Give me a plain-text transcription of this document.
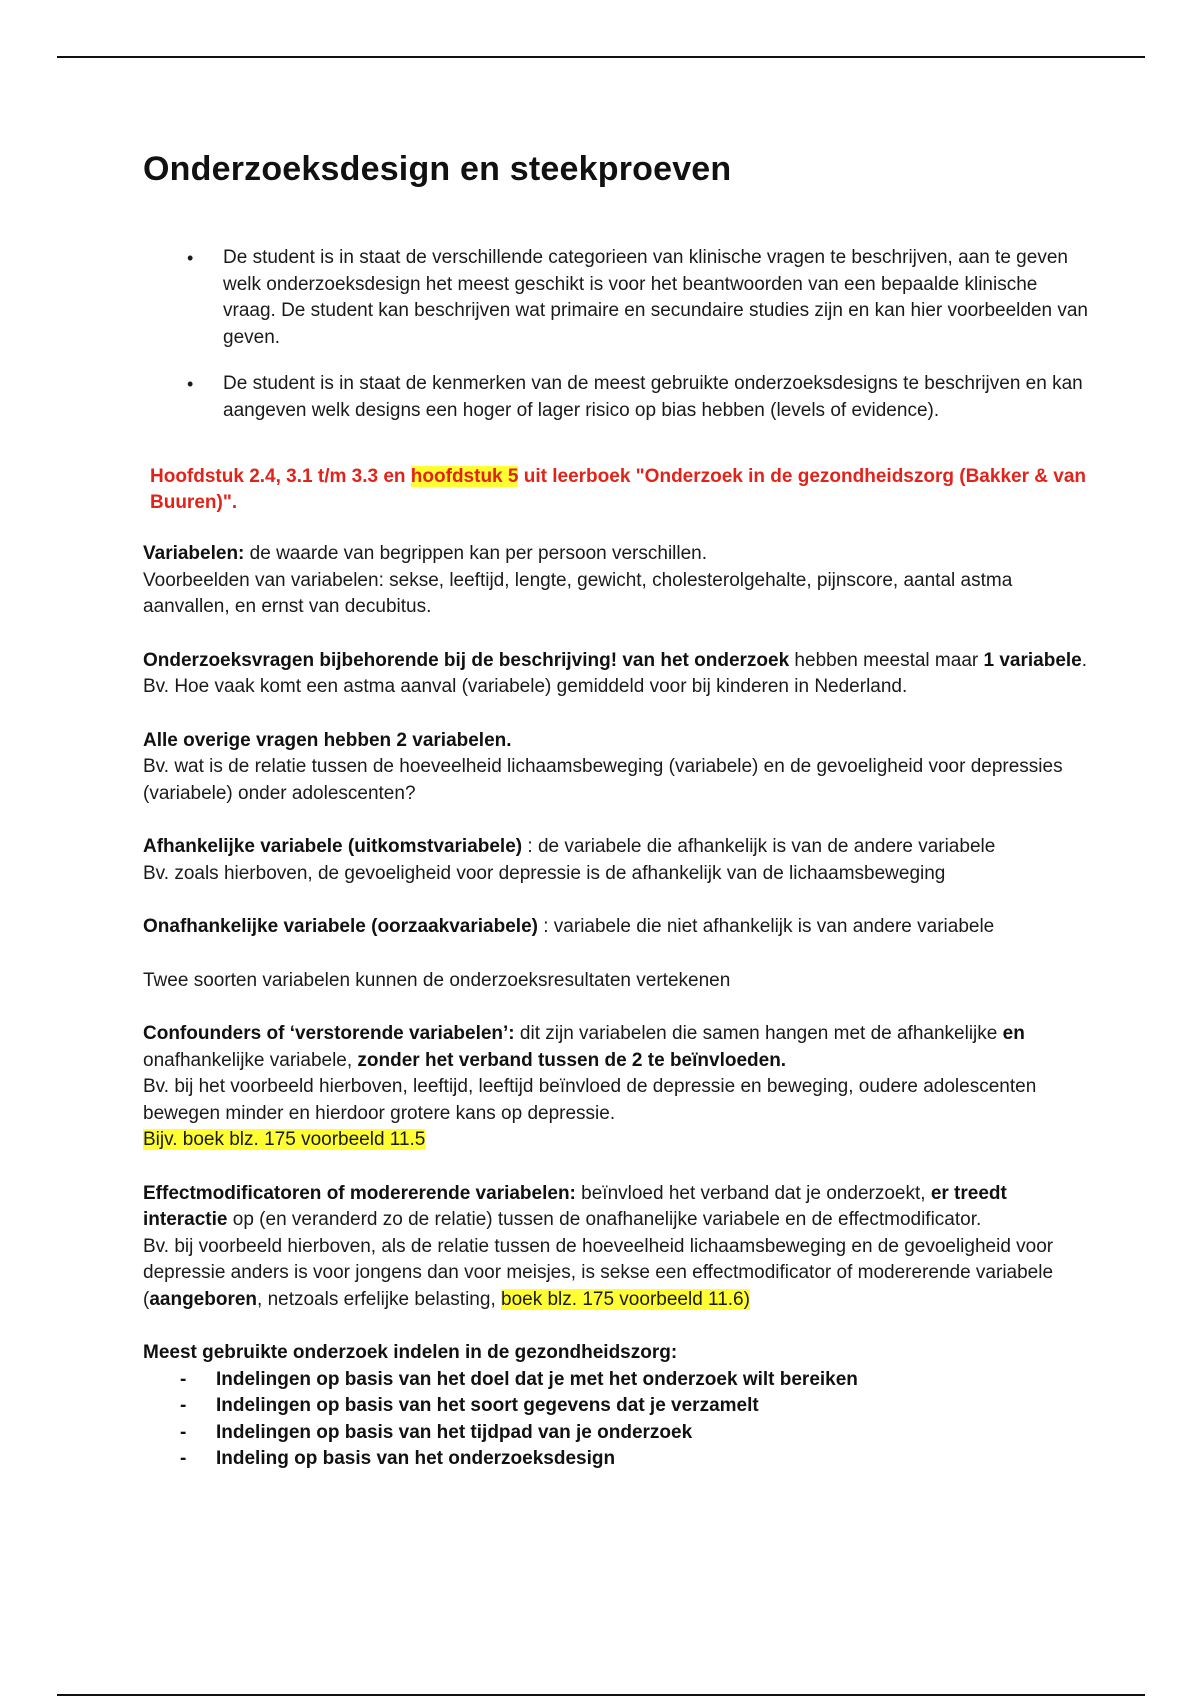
Onderzoeksdesign en steekproeven
• De student is in staat de verschillende categorieen van klinische vragen te beschrijven, aan te geven welk onderzoeksdesign het meest geschikt is voor het beantwoorden van een bepaalde klinische vraag. De student kan beschrijven wat primaire en secundaire studies zijn en kan hier voorbeelden van geven.
• De student is in staat de kenmerken van de meest gebruikte onderzoeksdesigns te beschrijven en kan aangeven welk designs een hoger of lager risico op bias hebben (levels of evidence).
Hoofdstuk 2.4, 3.1 t/m 3.3 en hoofdstuk 5 uit leerboek "Onderzoek in de gezondheidszorg (Bakker & van Buuren)".

Variabelen: de waarde van begrippen kan per persoon verschillen.

Voorbeelden van variabelen: sekse, leeftijd, lengte, gewicht, cholesterolgehalte, pijnscore, aantal astma aanvallen, en ernst van decubitus.

Onderzoeksvragen bijbehorende bij de beschrijving! van het onderzoek hebben meestal maar 1 variabele. Bv. Hoe vaak komt een astma aanval (variabele) gemiddeld voor bij kinderen in Nederland.

Alle overige vragen hebben 2 variabelen.

Bv. wat is de relatie tussen de hoeveelheid lichaamsbeweging (variabele) en de gevoeligheid voor depressies (variabele) onder adolescenten?

Afhankelijke variabele (uitkomstvariabele) : de variabele die afhankelijk is van de andere variabele

Bv. zoals hierboven, de gevoeligheid voor depressie is de afhankelijk van de lichaamsbeweging

Onafhankelijke variabele (oorzaakvariabele) : variabele die niet afhankelijk is van andere variabele

Twee soorten variabelen kunnen de onderzoeksresultaten vertekenen

Confounders of ‘verstorende variabelen’: dit zijn variabelen die samen hangen met de afhankelijke en onafhankelijke variabele, zonder het verband tussen de 2 te beïnvloeden.

Bv. bij het voorbeeld hierboven, leeftijd, leeftijd beïnvloed de depressie en beweging, oudere adolescenten bewegen minder en hierdoor grotere kans op depressie.

Bijv. boek blz. 175 voorbeeld 11.5

Effectmodificatoren of modererende variabelen: beïnvloed het verband dat je onderzoekt, er treedt interactie op (en veranderd zo de relatie) tussen de onafhanelijke variabele en de effectmodificator.

Bv. bij voorbeeld hierboven, als de relatie tussen de hoeveelheid lichaamsbeweging en de gevoeligheid voor depressie anders is voor jongens dan voor meisjes, is sekse een effectmodificator of modererende variabele (aangeboren, netzoals erfelijke belasting, boek blz. 175 voorbeeld 11.6)

Meest gebruikte onderzoek indelen in de gezondheidszorg:

- Indelingen op basis van het doel dat je met het onderzoek wilt bereiken
- Indelingen op basis van het soort gegevens dat je verzamelt
- Indelingen op basis van het tijdpad van je onderzoek
- Indeling op basis van het onderzoeksdesign
